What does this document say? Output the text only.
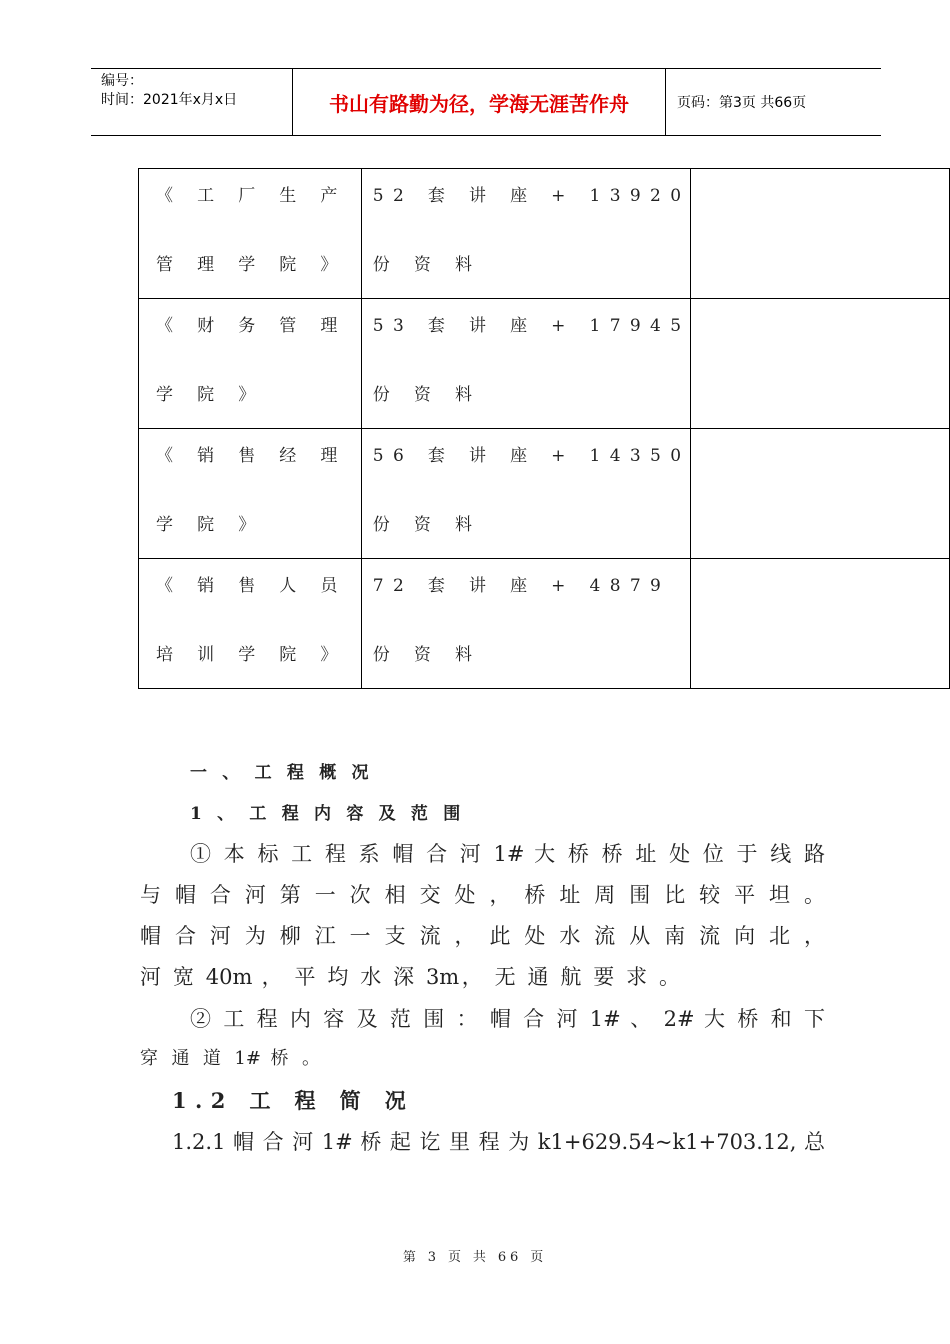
编号：
时间：2021年x月x日	书山有路勤为径，学海无涯苦作舟	页码：第3页 共66页
《 工 厂 生 产
管 理 学 院 》	52 套 讲 座 + 13920
份 资 料	

《 财 务 管 理
学 院 》	53 套 讲 座 + 17945
份 资 料	

《 销 售 经 理
学 院 》	56 套 讲 座 + 14350
份 资 料	

《 销 售 人 员
培 训 学 院 》	72 套 讲 座 + 4879
份 资 料	

一、工程概况
1、工程内容及范围
① 本 标 工 程 系 帽 合 河 1# 大 桥 桥 址 处 位 于 线 路
与 帽 合 河 第 一 次 相 交 处 ， 桥 址 周 围 比 较 平 坦 。
帽 合 河 为 柳 江 一 支 流 ， 此 处 水 流 从 南 流 向 北 ，
河 宽 40m ， 平 均 水 深 3m， 无 通 航 要 求 。
② 工 程 内 容 及 范 围 ： 帽 合 河 1# 、 2# 大 桥 和 下
穿 通 道 1# 桥 。
1.2 工 程 简 况
1.2.1 帽 合 河 1# 桥 起 讫 里 程 为 k1+629.54~k1+703.12, 总
第 3 页 共 66 页
